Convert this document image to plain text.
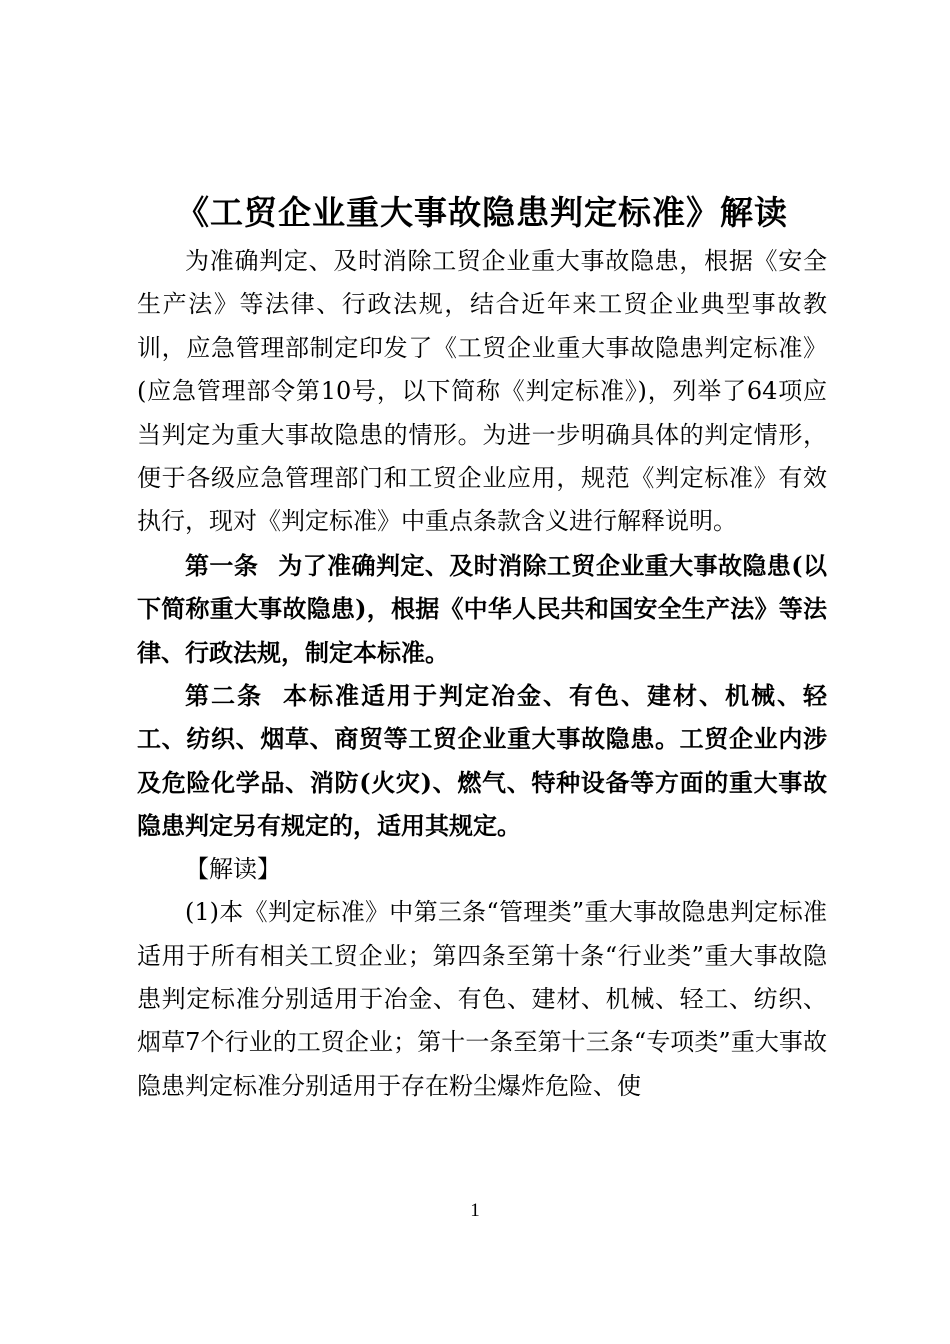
《工贸企业重大事故隐患判定标准》解读

为准确判定、及时消除工贸企业重大事故隐患，根据《安全生产法》等法律、行政法规，结合近年来工贸企业典型事故教训，应急管理部制定印发了《工贸企业重大事故隐患判定标准》(应急管理部令第10号，以下简称《判定标准》)，列举了64项应当判定为重大事故隐患的情形。为进一步明确具体的判定情形，便于各级应急管理部门和工贸企业应用，规范《判定标准》有效执行，现对《判定标准》中重点条款含义进行解释说明。

第一条 为了准确判定、及时消除工贸企业重大事故隐患(以下简称重大事故隐患)，根据《中华人民共和国安全生产法》等法律、行政法规，制定本标准。

第二条 本标准适用于判定冶金、有色、建材、机械、轻工、纺织、烟草、商贸等工贸企业重大事故隐患。工贸企业内涉及危险化学品、消防(火灾)、燃气、特种设备等方面的重大事故隐患判定另有规定的，适用其规定。

【解读】

(1)本《判定标准》中第三条“管理类”重大事故隐患判定标准适用于所有相关工贸企业；第四条至第十条“行业类”重大事故隐患判定标准分别适用于冶金、有色、建材、机械、轻工、纺织、烟草7个行业的工贸企业；第十一条至第十三条“专项类”重大事故隐患判定标准分别适用于存在粉尘爆炸危险、使

1
